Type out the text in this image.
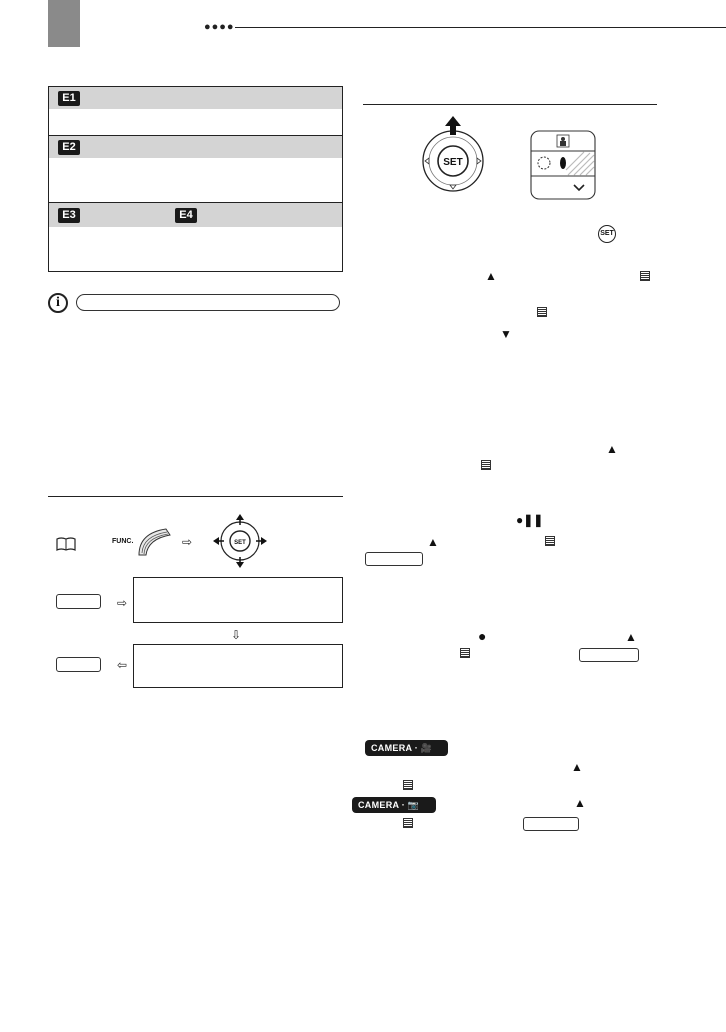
●●●●
E1
E2
E3	E4
i
FUNC.	⇨	SET
⇨
⇩
⇦
SET
SET
▲
▼
▲
●❚❚
▲
●	▲
CAMERA · 🎥
▲
CAMERA · 📷	▲
